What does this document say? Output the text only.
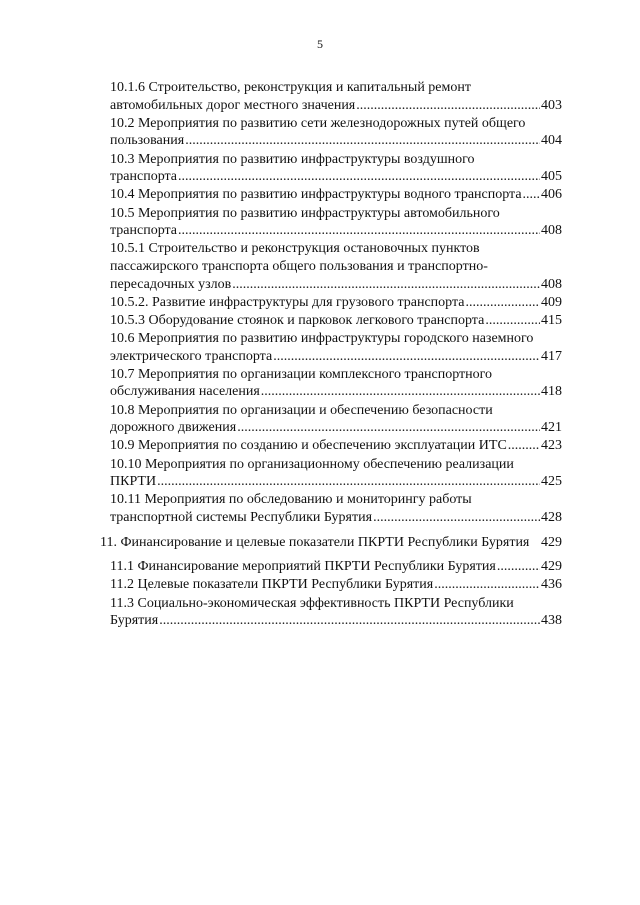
5
10.1.6 Строительство, реконструкция и капитальный ремонт
автомобильных дорог местного значения .....	403
10.2 Мероприятия по развитию сети железнодорожных путей общего
пользования .....	404
10.3 Мероприятия по развитию инфраструктуры воздушного
транспорта .....	405
10.4 Мероприятия по развитию инфраструктуры водного транспорта ..... 406
10.5 Мероприятия по развитию инфраструктуры автомобильного
транспорта .....	408
10.5.1 Строительство и реконструкция остановочных пунктов
пассажирского транспорта общего пользования и транспортно-
пересадочных узлов .....	408
10.5.2. Развитие инфраструктуры для грузового транспорта .....	409
10.5.3 Оборудование стоянок и парковок легкового транспорта .....	415
10.6 Мероприятия по развитию инфраструктуры городского наземного
электрического транспорта .....	417
10.7 Мероприятия по организации комплексного транспортного
обслуживания населения .....	418
10.8 Мероприятия по организации и обеспечению безопасности
дорожного движения .....	421
10.9 Мероприятия по созданию и обеспечению эксплуатации ИТС ..... 423
10.10 Мероприятия по организационному обеспечению реализации
ПКРТИ .....	425
10.11 Мероприятия по обследованию и мониторингу работы
транспортной системы Республики Бурятия .....	428
11. Финансирование и целевые показатели ПКРТИ Республики Бурятия 429
11.1 Финансирование мероприятий ПКРТИ Республики Бурятия .....	429
11.2 Целевые показатели ПКРТИ Республики Бурятия .....	436
11.3 Социально-экономическая эффективность ПКРТИ Республики
Бурятия .....	438
